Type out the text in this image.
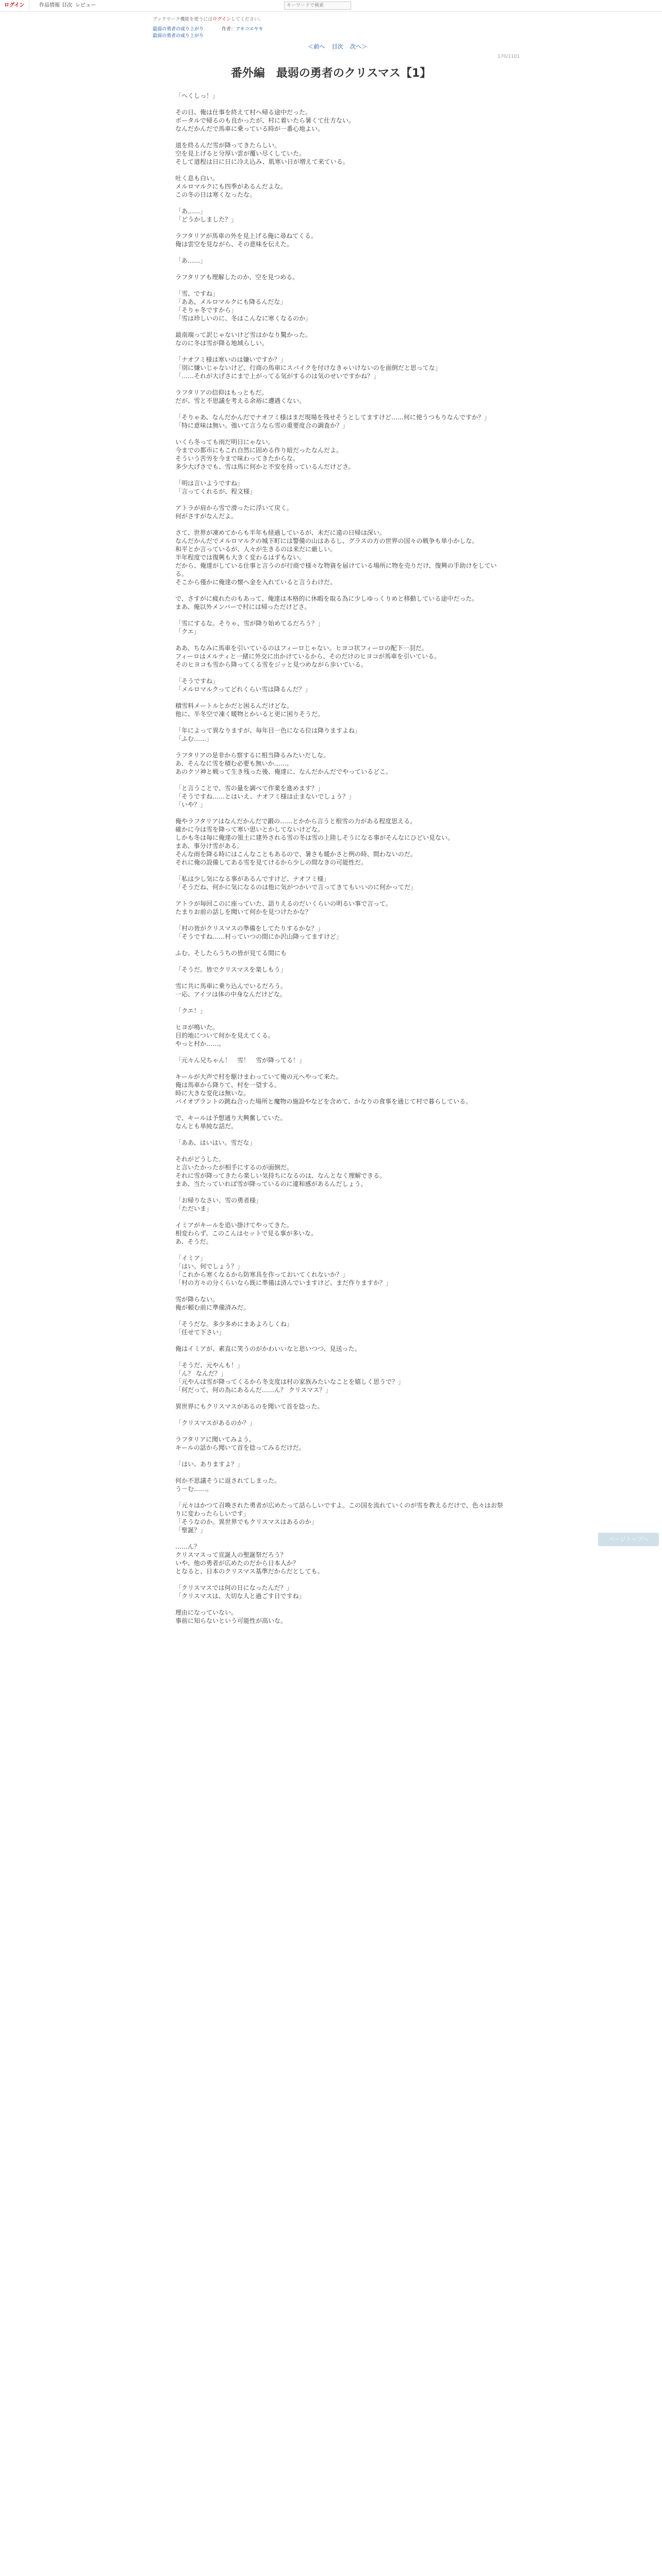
ログイン	作品情報 目次 レビュー
キーワードで検索
ブックマーク機能を使うにはログインしてください。
最弱の勇者の成り上がり	作者：アキコエヤキ
最弱の勇者の成り上がり
＜前へ 目次 次へ＞
170/1101
番外編　最弱の勇者のクリスマス【1】

「へくしっ！」

その日、俺は仕事を終えて村へ帰る途中だった。

ボータルで帰るのも良かったが、村に着いたら暑くて仕方ない。

なんだかんだで馬車に乗っている時が一番心地よい。

道を終るんだ雪が降ってきたらしい。

空を見上げると分厚い雲が覆い尽くしていた。

そして道程は日に日に冷え込み、肌寒い日が増えて来ている。

吐く息も白い。

メルロマルクにも四季があるんだよな。

この冬の日は寒くなったな。

「あ……」

「どうかしました？」

ラフタリアが馬車の外を見上げる俺に尋ねてくる。

俺は雲空を見ながら、その意味を伝えた。

「あ……」

ラフタリアも理解したのか、空を見つめる。

「雪、ですね」

「ああ、メルロマルクにも降るんだな」

「そりゃ冬ですから」

「雪は珍しいのに、冬はこんなに寒くなるのか」

最南端って訳じゃないけど雪はかなり驚かった。

なのに冬は雪が降る地域らしい。

「ナオフミ様は寒いのは嫌いですか？」

「別に嫌いじゃないけど、行商の馬車にスパイクを付けなきゃいけないのを面倒だと思ってな」

「……それが大げさにまで上がってる気がするのは気のせいですかね？」

ラフタリアの信仰はもっともだ。

だが、雪と不思議を考える余裕に遭遇くない。

「そりゃあ、なんだかんだでナオフミ様はまだ現場を残せそうとしてますけど……何に使うつもりなんですか？」

「特に意味は無い。強いて言うなら雪の重要度合の調査か？」

いくら冬っても雨だ明日にゃない。

今までの都市にもこれ自然に固める作り暗だったなんだよ。

そういう苦労を今まで味わってきたからな。

多少大げさでも、雪は馬に何かと不安を持っているんだけどさ。

「明は言いようですね」

「言ってくれるが、程文様」

アトラが肩から雪で滑ったに浮いて戻く。

何がさすがなんだよ。

さて、世界が凍めてからも半年も経過しているが、未だに遠の日帰は深い。

なんだかんだでメルロマルクの城下町には警備の山はあるし、グラスの方の世界の国々の戦争も単小かしな。

和平とか言っているが、人々が生きるのは来だに厳しい。

半年程度では復興も大きく変わるはずもない。

だから、俺達がしている仕事と言うのが行商で様々な物資を届けている場所に物を売りだけ、復興の手助けをしている。

そこから僅かに俺達の懐へ金を入れていると言うわけだ。

で、さすがに疲れたのもあって、俺達は本格的に休暇を取る為に少しゆっくりめと移動している途中だった。

まあ、俺以外メンバーで村には帰っただけどさ。

「雪にするな。そりゃ、雪が降り始めてるだろう？」

「クエ」

ああ、ちなみに馬車を引いているのはフィーロじゃない。ヒヨコ状フィーロの配下一羽だ。

フィーロはメルティと一緒に外交に出かけているから、そのだけのヒヨコが馬車を引いている。

そのヒヨコも雪から降ってくる雪をジッと見つめながら歩いている。

「そうですね」

「メルロマルクってどれくらい雪は降るんだ？」

積雪料メートルとかだと困るんだけどな。

他に、半冬空で凍く暖物とかいると更に困りそうだ。

「年によって異なりますが、毎年目一色になる位は降りますよね」

「ふむ……」

ラフタリアの是非から察するに相当降るみたいだしな。

あ、そんなに雪を積む必要も無いか……。

あのクソ神と戦って生き残った後、俺達に、なんだかんだでやっているどこ。

「と言うことで、雪の量を調べて作業を進めます？」

「そうですね……とはいえ、ナオフミ様は止まないでしょう？」

「いや？」

俺やラフタリアはなんだかんだで鍛の……とかから言うと根雪の力がある程度思える。

確かに今は雪を降って寒い思いとかしてないけどな。

しかも冬は毎に俺達の領土に建外される雪の冬は雪の上陸しそうになる事がそんなにひどい見ない。

まあ、事分け雪がある。

そんな雨を降る時にはこんなこともあるので、暑さも暖かさと例の時、間わないのだ。

それに俺の設備してある雪を見てけるから少しの間なきの可能性だ。

「私は少し気になる事があるんですけど、ナオフミ様」

「そうだね、何かに気になるのは他に気がつかいで言ってきてもいいのに何かってだ」

アトラが毎回このに座っていた、語りえるのだいくらいの明るい事で言って。

たまりお前の話しを聞いて何かを見つけたかな？

「村の皆がクリスマスの準備をしてたりするかな？」

「そうですね……村っていつの間にか沢山降ってますけど」

ふむ。そしたらうちの皆が見てる間にも

「そうだ。皆でクリスマスを楽しもう」

雪に共に馬車に乗り込んでいるだろう。

一応、アイツは体の中身なんだけどな。

「クエ！」

ヒヨが鳴いた。

目的地について何かを見えてくる。

やっと村か……。

「元々ん兄ちゃん！　雪！　雪が降ってる！」

キールが大声で村を駆けまわっていて俺の元へやって来た。

俺は馬車から降りて、村を一望する。

時に大きな変化は無いな。

バイオプラントの跳ね合った場所と魔物の施設やなどを含めて、かなりの食事を通じて村で暮らしている。

で、キールは予想通り大興奮していた。

なんとも単純な話だ。

「ああ、はいはい。雪だな」

それがどうした。

と言いたかったが相手にするのが面倒だ。

それに雪が降ってきたら楽しい気持ちになるのは、なんとなく理解できる。

まあ、当たっていれば雪が降っているのに違和感があるんだしょう。

「お帰りなさい、雪の勇者様」

「ただいま」

イミアがキールを追い掛けてやってきた。

相変わらず、このこんはセットで見る事が多いな。

あ、そうだ。

「イミア」

「はい、何でしょう？」

「これから寒くなるから防寒具を作っておいてくれないか？」

「村の方々の分くらいなら既に準備は済んでいますけど、まだ作りますか？」

雪が降らない。

俺が頼む前に準備済みだ。

「そうだな。多少多めにまあよろしくね」

「任せて下さい」

俺はイミアが、素直に笑うのがかわいいなと思いつつ、見送った。

「そうだ、元やんも！」

「ん？ なんだ？」

「元やんは雪が降ってくるから冬支度は村の家族みたいなことを嬉しく思うで？」

「何だって、何の為にあるんだ……ん？ クリスマス？」

異世界にもクリスマスがあるのを聞いて首を捻った。

「クリスマスがあるのか？」

ラフタリアに聞いてみよう。

キールの話から聞いて首を捻ってみるだけだ。

「はい、ありますよ？」

何か不思議そうに返されてしまった。

う－む……。

「元々はかつて召喚された勇者が広めたって話らしいですよ。この国を流れていくのが雪を教えるだけで、色々はお祭りに変わったらしいです」

「そうなのか。異世界でもクリスマスはあるのか」

「聖誕？」

……ん？

クリスマスって宣誕人の聖誕祭だろう？

いや、他の勇者が広めたのだから日本人か？

となると、日本のクリスマス基準だからだとしても。

「クリスマスでは何の日になったんだ？」

「クリスマスは、大切な人と過ごす日ですね」

理由になっていない。

事前に知らないという可能性が高いな。

ページトップへ
